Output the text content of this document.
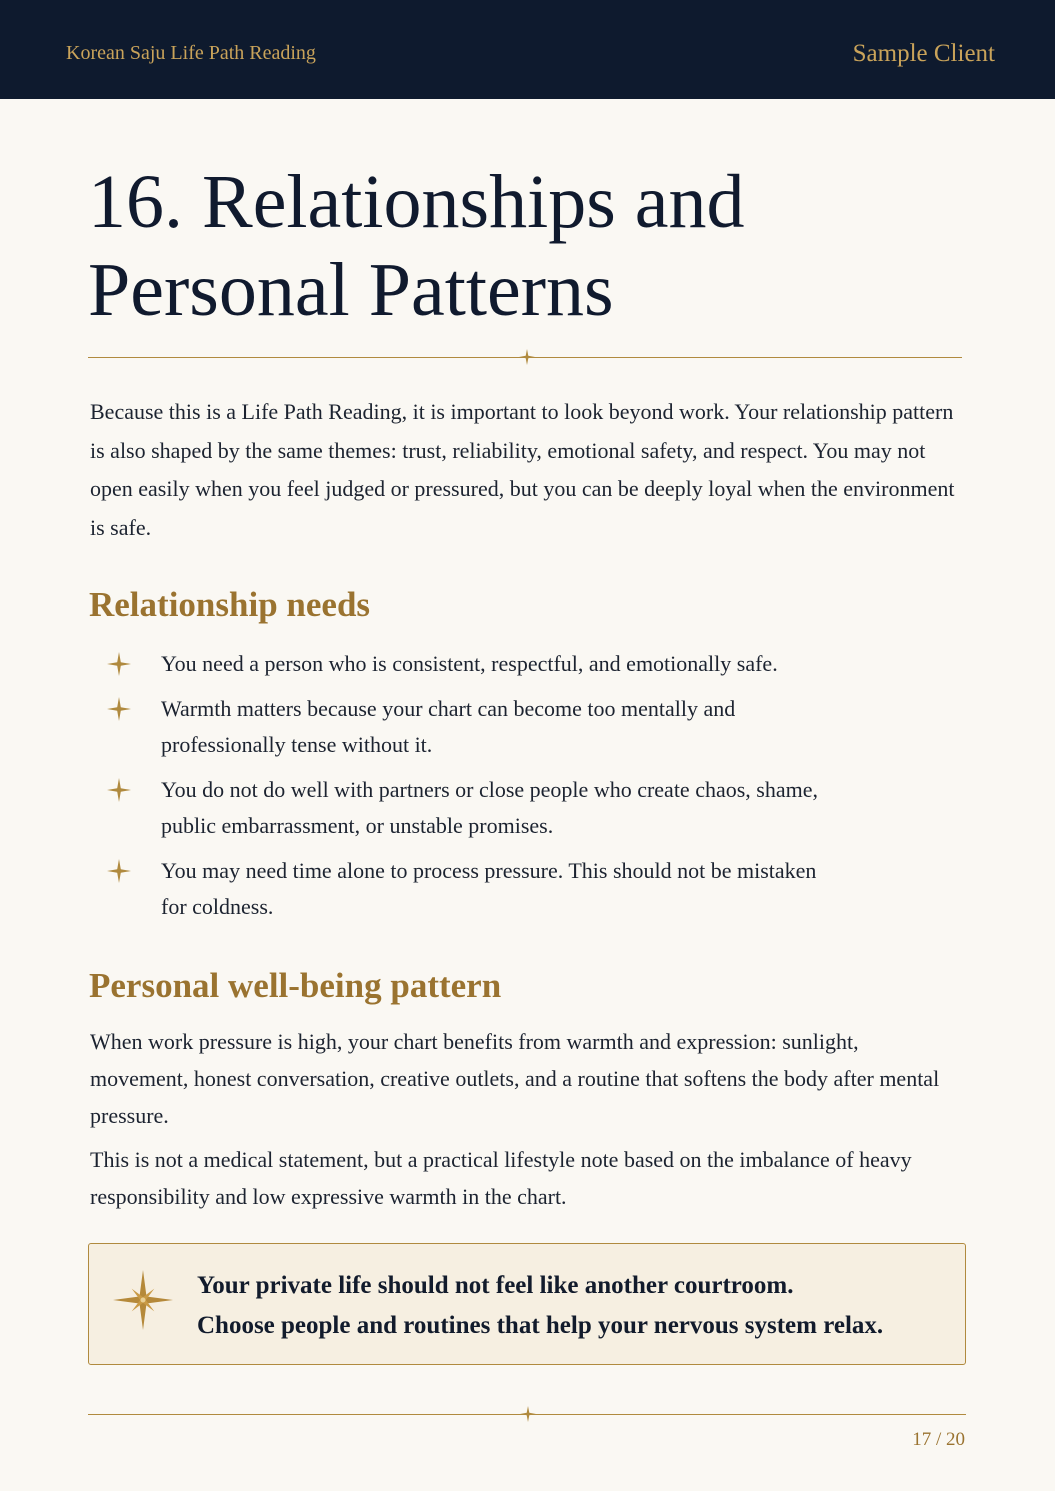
Korean Saju Life Path Reading	Sample Client
16. Relationships and
Personal Patterns

Because this is a Life Path Reading, it is important to look beyond work. Your relationship pattern is also shaped by the same themes: trust, reliability, emotional safety, and respect. You may not open easily when you feel judged or pressured, but you can be deeply loyal when the environment is safe.

Relationship needs
You need a person who is consistent, respectful, and emotionally safe.
Warmth matters because your chart can become too mentally and
professionally tense without it.
You do not do well with partners or close people who create chaos, shame,
public embarrassment, or unstable promises.
You may need time alone to process pressure. This should not be mistaken
for coldness.
Personal well-being pattern

When work pressure is high, your chart benefits from warmth and expression: sunlight, movement, honest conversation, creative outlets, and a routine that softens the body after mental pressure.

This is not a medical statement, but a practical lifestyle note based on the imbalance of heavy responsibility and low expressive warmth in the chart.

Your private life should not feel like another courtroom.
Choose people and routines that help your nervous system relax.
17 / 20
